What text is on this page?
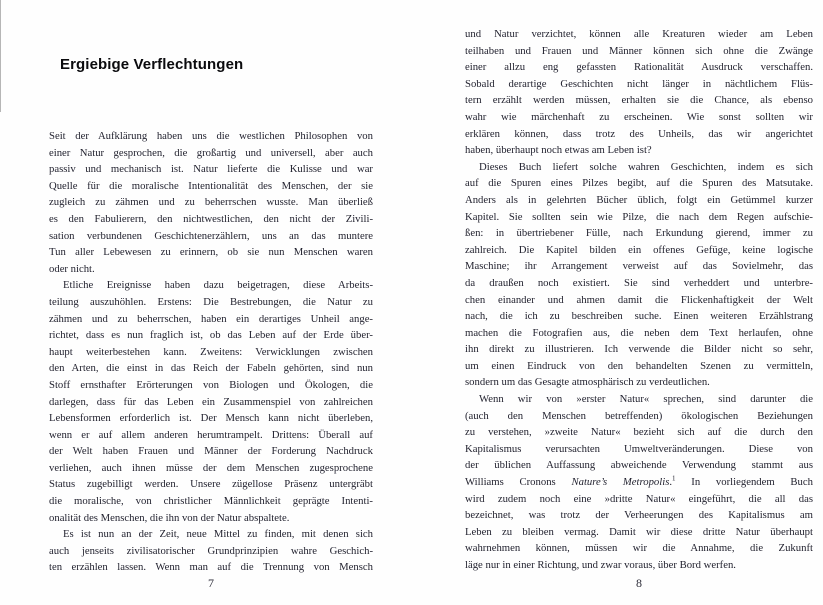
Ergiebige Verflechtungen
Seit der Aufklärung haben uns die westlichen Philosophen von
einer Natur gesprochen, die großartig und universell, aber auch
passiv und mechanisch ist. Natur lieferte die Kulisse und war
Quelle für die moralische Intentionalität des Menschen, der sie
zugleich zu zähmen und zu beherrschen wusste. Man überließ
es den Fabulierern, den nichtwestlichen, den nicht der Zivili-
sation verbundenen Geschichtenerzählern, uns an das muntere
Tun aller Lebewesen zu erinnern, ob sie nun Menschen waren
oder nicht.
Etliche Ereignisse haben dazu beigetragen, diese Arbeits-
teilung auszuhöhlen. Erstens: Die Bestrebungen, die Natur zu
zähmen und zu beherrschen, haben ein derartiges Unheil ange-
richtet, dass es nun fraglich ist, ob das Leben auf der Erde über-
haupt weiterbestehen kann. Zweitens: Verwicklungen zwischen
den Arten, die einst in das Reich der Fabeln gehörten, sind nun
Stoff ernsthafter Erörterungen von Biologen und Ökologen, die
darlegen, dass für das Leben ein Zusammenspiel von zahlreichen
Lebensformen erforderlich ist. Der Mensch kann nicht überleben,
wenn er auf allem anderen herumtrampelt. Drittens: Überall auf
der Welt haben Frauen und Männer der Forderung Nachdruck
verliehen, auch ihnen müsse der dem Menschen zugesprochene
Status zugebilligt werden. Unsere zügellose Präsenz untergräbt
die moralische, von christlicher Männlichkeit geprägte Intenti-
onalität des Menschen, die ihn von der Natur abspaltete.
Es ist nun an der Zeit, neue Mittel zu finden, mit denen sich
auch jenseits zivilisatorischer Grundprinzipien wahre Geschich-
ten erzählen lassen. Wenn man auf die Trennung von Mensch
7
und Natur verzichtet, können alle Kreaturen wieder am Leben
teilhaben und Frauen und Männer können sich ohne die Zwänge
einer allzu eng gefassten Rationalität Ausdruck verschaffen.
Sobald derartige Geschichten nicht länger in nächtlichem Flüs-
tern erzählt werden müssen, erhalten sie die Chance, als ebenso
wahr wie märchenhaft zu erscheinen. Wie sonst sollten wir
erklären können, dass trotz des Unheils, das wir angerichtet
haben, überhaupt noch etwas am Leben ist?
Dieses Buch liefert solche wahren Geschichten, indem es sich
auf die Spuren eines Pilzes begibt, auf die Spuren des Matsutake.
Anders als in gelehrten Bücher üblich, folgt ein Getümmel kurzer
Kapitel. Sie sollten sein wie Pilze, die nach dem Regen aufschie-
ßen: in übertriebener Fülle, nach Erkundung gierend, immer zu
zahlreich. Die Kapitel bilden ein offenes Gefüge, keine logische
Maschine; ihr Arrangement verweist auf das Sovielmehr, das
da draußen noch existiert. Sie sind verheddert und unterbre-
chen einander und ahmen damit die Flickenhaftigkeit der Welt
nach, die ich zu beschreiben suche. Einen weiteren Erzählstrang
machen die Fotografien aus, die neben dem Text herlaufen, ohne
ihn direkt zu illustrieren. Ich verwende die Bilder nicht so sehr,
um einen Eindruck von den behandelten Szenen zu vermitteln,
sondern um das Gesagte atmosphärisch zu verdeutlichen.
Wenn wir von »erster Natur« sprechen, sind darunter die
(auch den Menschen betreffenden) ökologischen Beziehungen
zu verstehen, »zweite Natur« bezieht sich auf die durch den
Kapitalismus verursachten Umweltveränderungen. Diese von
der üblichen Auffassung abweichende Verwendung stammt aus
Williams Cronons Nature’s Metropolis.$^1$ In vorliegendem Buch
wird zudem noch eine »dritte Natur« eingeführt, die all das
bezeichnet, was trotz der Verheerungen des Kapitalismus am
Leben zu bleiben vermag. Damit wir diese dritte Natur überhaupt
wahrnehmen können, müssen wir die Annahme, die Zukunft
läge nur in einer Richtung, und zwar voraus, über Bord werfen.
8
